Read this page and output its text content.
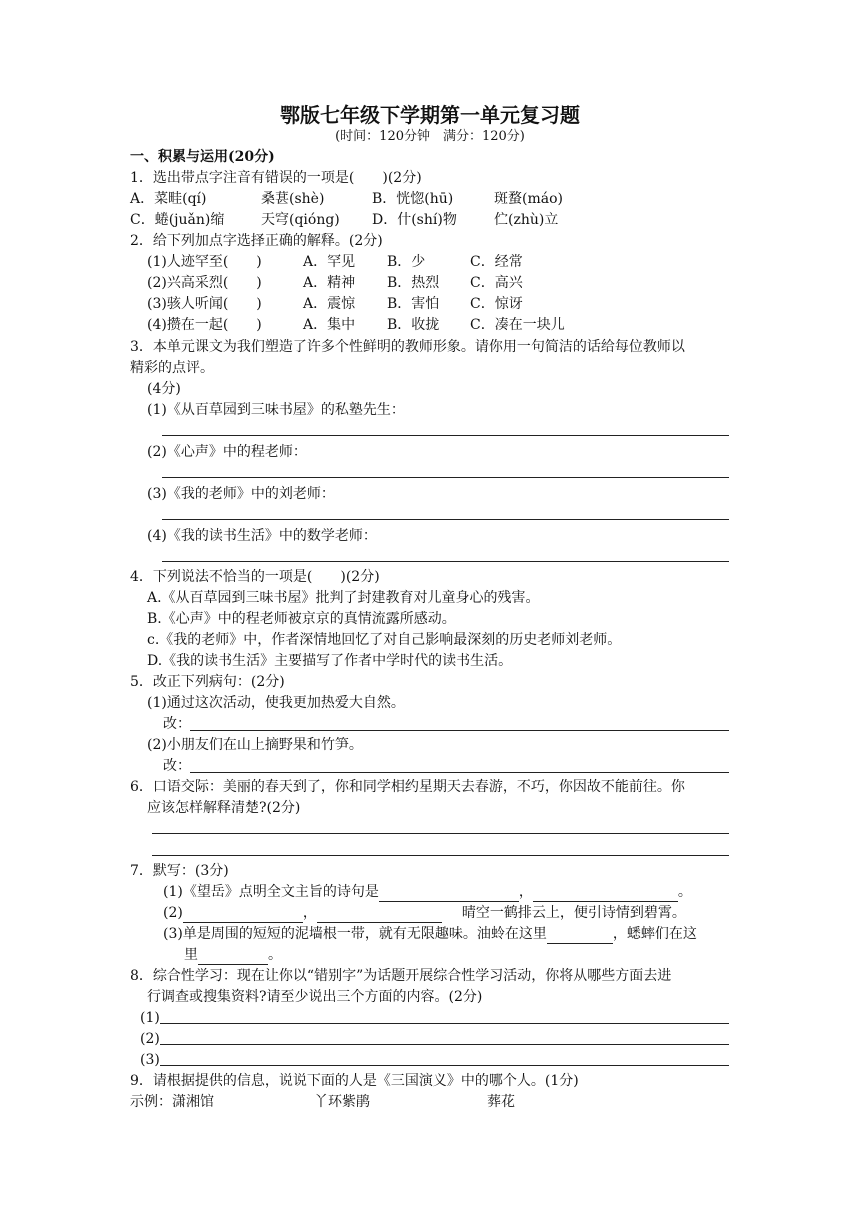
鄂版七年级下学期第一单元复习题
(时间：120分钟　满分：120分)
一、积累与运用(20分)
1．选出带点字注音有错误的一项是(　　)(2分)
A．菜畦(qí)	桑葚(shè)	B．恍惚(hū)	斑蝥(máo)
C．蜷(juǎn)缩	天穹(qióng) D．什(shí)物	伫(zhù)立
2．给下列加点字选择正确的解释。(2分)
(1)人迹罕至(　　)	A．罕见 B．少	C．经常
(2)兴高采烈(　　)	A．精神 B．热烈 C．高兴
(3)骇人听闻(　　)	A．震惊 B．害怕 C．惊讶
(4)攒在一起(　　)	A．集中 B．收拢 C．凑在一块儿
3．本单元课文为我们塑造了许多个性鲜明的教师形象。请你用一句简洁的话给每位教师以
精彩的点评。
(4分)
(1)《从百草园到三味书屋》的私塾先生：
(2)《心声》中的程老师：
(3)《我的老师》中的刘老师：
(4)《我的读书生活》中的数学老师：
4．下列说法不恰当的一项是(　　)(2分)
A.《从百草园到三味书屋》批判了封建教育对儿童身心的残害。
B.《心声》中的程老师被京京的真情流露所感动。
c.《我的老师》中，作者深情地回忆了对自己影响最深刻的历史老师刘老师。
D.《我的读书生活》主要描写了作者中学时代的读书生活。
5．改正下列病句：(2分)
(1)通过这次活动，使我更加热爱大自然。
改：
(2)小朋友们在山上摘野果和竹笋。
改：
6．口语交际：美丽的春天到了，你和同学相约星期天去春游，不巧，你因故不能前往。你
应该怎样解释清楚?(2分)
7．默写：(3分)
(1)《望岳》点明全文主旨的诗句是	，	。
(2)	，	晴空一鹤排云上，便引诗情到碧霄。
(3)单是周围的短短的泥墙根一带，就有无限趣味。油蛉在这里	，蟋蟀们在这
里	。
8．综合性学习：现在让你以“错别字”为话题开展综合性学习活动，你将从哪些方面去进
行调查或搜集资料?请至少说出三个方面的内容。(2分)
(1)
(2)
(3)
9．请根据提供的信息，说说下面的人是《三国演义》中的哪个人。(1分)
示例：潇湘馆	丫环紫鹃	葬花
